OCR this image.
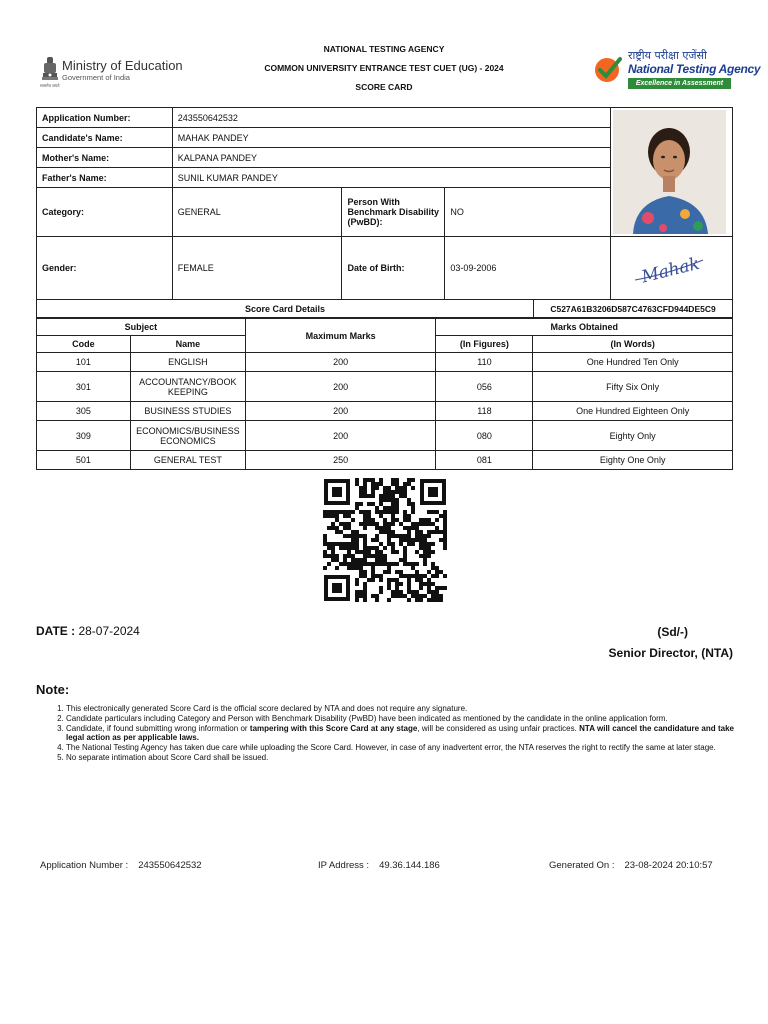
सत्यमेव जयते
Ministry of Education
Government of India
NATIONAL TESTING AGENCY
COMMON UNIVERSITY ENTRANCE TEST CUET (UG) - 2024
SCORE CARD
राष्ट्रीय परीक्षा एजेंसी
National Testing Agency
Excellence in Assessment
Application Number:	243550642532	

Candidate's Name:	MAHAK PANDEY			
Mother's Name:	KALPANA PANDEY			
Father's Name:	SUNIL KUMAR PANDEY			
Category:	GENERAL	Person With Benchmark Disability (PwBD):	NO	
Gender:	FEMALE	Date of Birth:	03-09-2006	Mahak
Score Card Details	C527A61B3206D587C4763CFD944DE5C9
Subject		Maximum Marks	Marks Obtained	
Code	Name		(In Figures)	(In Words)
101	ENGLISH	200	110	One Hundred Ten Only
301	ACCOUNTANCY/BOOK KEEPING	200	056	Fifty Six Only
305	BUSINESS STUDIES	200	118	One Hundred Eighteen Only
309	ECONOMICS/BUSINESS ECONOMICS	200	080	Eighty Only
501	GENERAL TEST	250	081	Eighty One Only
DATE : 28-07-2024	(Sd/-)
Senior Director, (NTA)
Note:
1. This electronically generated Score Card is the official score declared by NTA and does not require any signature.
2. Candidate particulars including Category and Person with Benchmark Disability (PwBD) have been indicated as mentioned by the candidate in the online application form.
3. Candidate, if found submitting wrong information or tampering with this Score Card at any stage, will be considered as using unfair practices. NTA will cancel the candidature and take legal action as per applicable laws.
4. The National Testing Agency has taken due care while uploading the Score Card. However, in case of any inadvertent error, the NTA reserves the right to rectify the same at later stage.
5. No separate intimation about Score Card shall be issued.
Application Number : 243550642532	IP Address : 49.36.144.186	Generated On : 23-08-2024 20:10:57
